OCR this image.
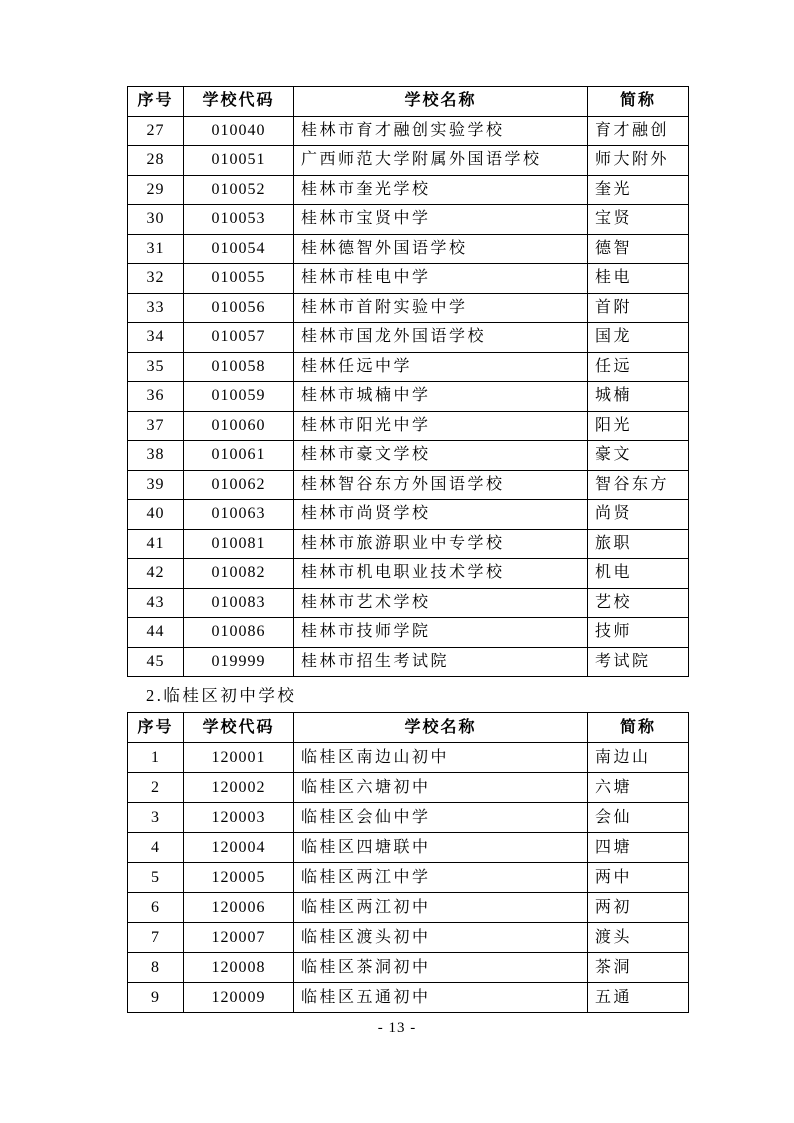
序号	学校代码	学校名称	简称
27	010040	桂林市育才融创实验学校	育才融创
28	010051	广西师范大学附属外国语学校	师大附外
29	010052	桂林市奎光学校	奎光
30	010053	桂林市宝贤中学	宝贤
31	010054	桂林德智外国语学校	德智
32	010055	桂林市桂电中学	桂电
33	010056	桂林市首附实验中学	首附
34	010057	桂林市国龙外国语学校	国龙
35	010058	桂林任远中学	任远
36	010059	桂林市城楠中学	城楠
37	010060	桂林市阳光中学	阳光
38	010061	桂林市豪文学校	豪文
39	010062	桂林智谷东方外国语学校	智谷东方
40	010063	桂林市尚贤学校	尚贤
41	010081	桂林市旅游职业中专学校	旅职
42	010082	桂林市机电职业技术学校	机电
43	010083	桂林市艺术学校	艺校
44	010086	桂林市技师学院	技师
45	019999	桂林市招生考试院	考试院
2.临桂区初中学校
序号	学校代码	学校名称	简称
1	120001	临桂区南边山初中	南边山
2	120002	临桂区六塘初中	六塘
3	120003	临桂区会仙中学	会仙
4	120004	临桂区四塘联中	四塘
5	120005	临桂区两江中学	两中
6	120006	临桂区两江初中	两初
7	120007	临桂区渡头初中	渡头
8	120008	临桂区茶洞初中	茶洞
9	120009	临桂区五通初中	五通
- 13 -
